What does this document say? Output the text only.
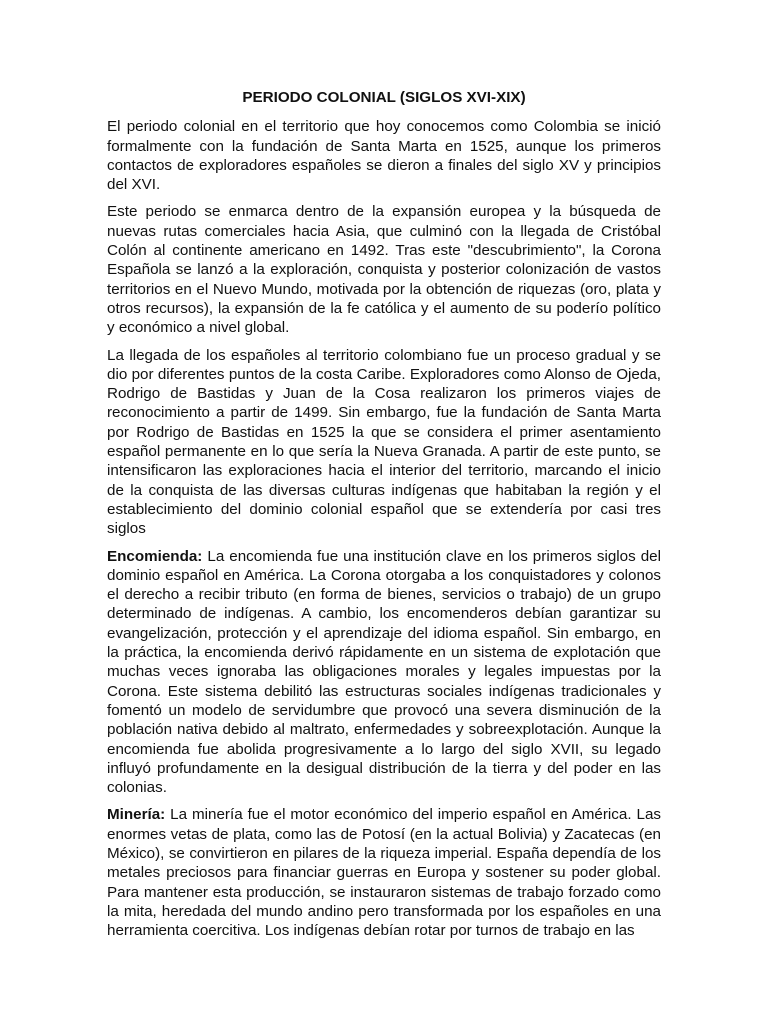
PERIODO COLONIAL (SIGLOS XVI-XIX)

El periodo colonial en el territorio que hoy conocemos como Colombia se inició formalmente con la fundación de Santa Marta en 1525, aunque los primeros contactos de exploradores españoles se dieron a finales del siglo XV y principios del XVI.

Este periodo se enmarca dentro de la expansión europea y la búsqueda de nuevas rutas comerciales hacia Asia, que culminó con la llegada de Cristóbal Colón al continente americano en 1492. Tras este "descubrimiento", la Corona Española se lanzó a la exploración, conquista y posterior colonización de vastos territorios en el Nuevo Mundo, motivada por la obtención de riquezas (oro, plata y otros recursos), la expansión de la fe católica y el aumento de su poderío político y económico a nivel global.

La llegada de los españoles al territorio colombiano fue un proceso gradual y se dio por diferentes puntos de la costa Caribe. Exploradores como Alonso de Ojeda, Rodrigo de Bastidas y Juan de la Cosa realizaron los primeros viajes de reconocimiento a partir de 1499. Sin embargo, fue la fundación de Santa Marta por Rodrigo de Bastidas en 1525 la que se considera el primer asentamiento español permanente en lo que sería la Nueva Granada. A partir de este punto, se intensificaron las exploraciones hacia el interior del territorio, marcando el inicio de la conquista de las diversas culturas indígenas que habitaban la región y el establecimiento del dominio colonial español que se extendería por casi tres siglos

Encomienda: La encomienda fue una institución clave en los primeros siglos del dominio español en América. La Corona otorgaba a los conquistadores y colonos el derecho a recibir tributo (en forma de bienes, servicios o trabajo) de un grupo determinado de indígenas. A cambio, los encomenderos debían garantizar su evangelización, protección y el aprendizaje del idioma español. Sin embargo, en la práctica, la encomienda derivó rápidamente en un sistema de explotación que muchas veces ignoraba las obligaciones morales y legales impuestas por la Corona. Este sistema debilitó las estructuras sociales indígenas tradicionales y fomentó un modelo de servidumbre que provocó una severa disminución de la población nativa debido al maltrato, enfermedades y sobreexplotación. Aunque la encomienda fue abolida progresivamente a lo largo del siglo XVII, su legado influyó profundamente en la desigual distribución de la tierra y del poder en las colonias.

Minería: La minería fue el motor económico del imperio español en América. Las enormes vetas de plata, como las de Potosí (en la actual Bolivia) y Zacatecas (en México), se convirtieron en pilares de la riqueza imperial. España dependía de los metales preciosos para financiar guerras en Europa y sostener su poder global. Para mantener esta producción, se instauraron sistemas de trabajo forzado como la mita, heredada del mundo andino pero transformada por los españoles en una herramienta coercitiva. Los indígenas debían rotar por turnos de trabajo en las
